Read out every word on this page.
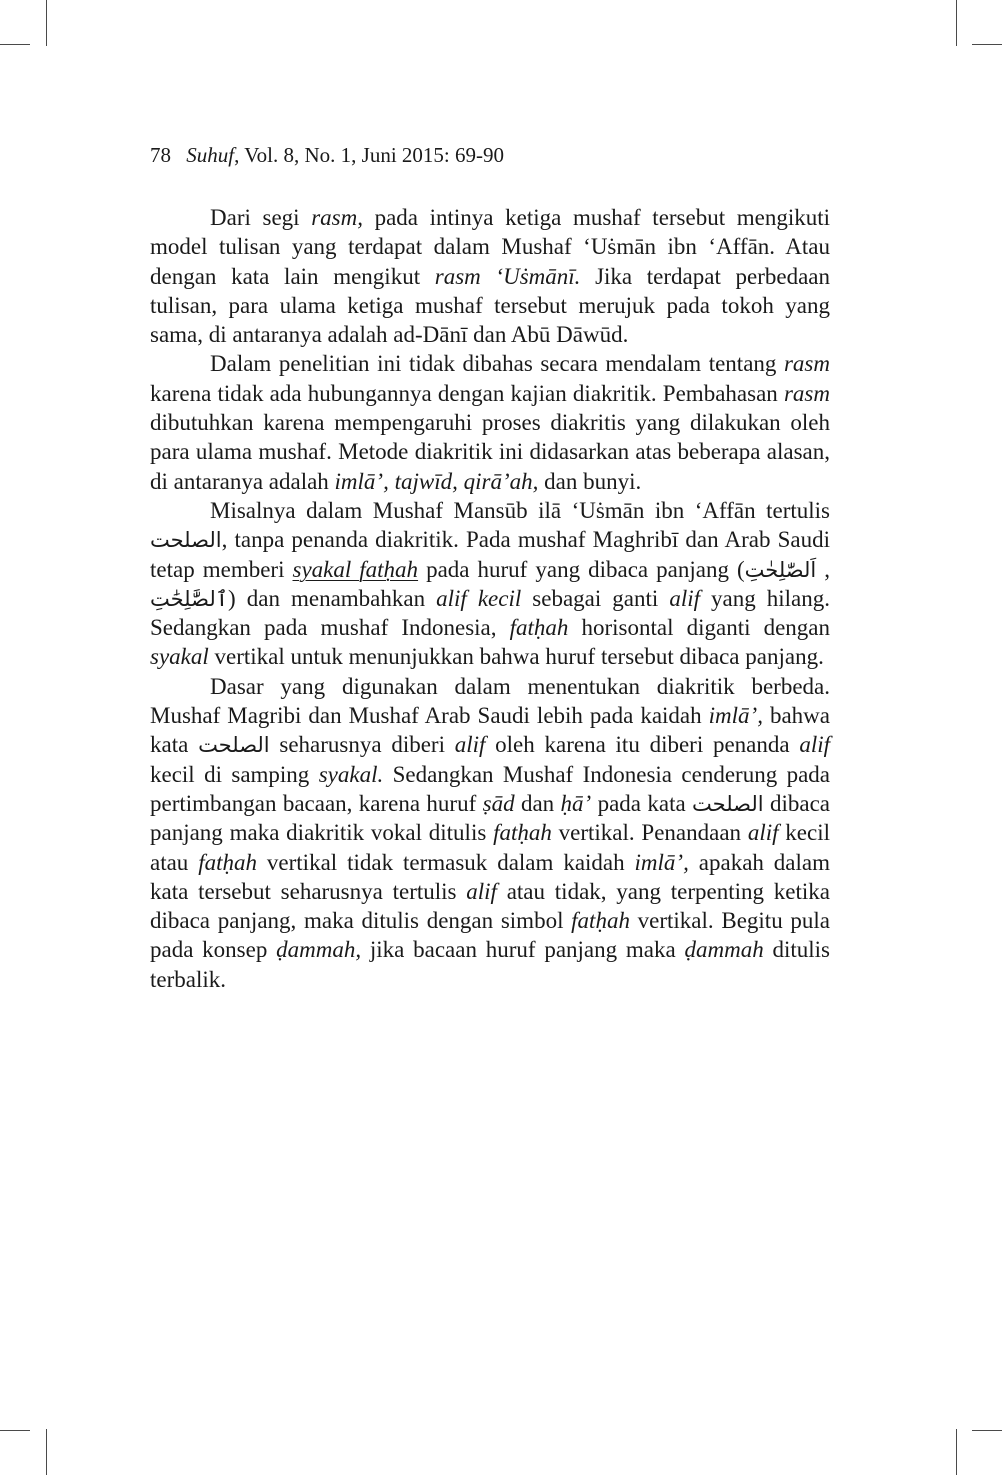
78 Suhuf, Vol. 8, No. 1, Juni 2015: 69-90

Dari segi rasm, pada intinya ketiga mushaf tersebut mengikuti model tulisan yang terdapat dalam Mushaf ‘Uṡmān ibn ‘Affān. Atau dengan kata lain mengikut rasm ‘Uṡmānī. Jika terdapat perbedaan tulisan, para ulama ketiga mushaf tersebut merujuk pada tokoh yang sama, di antaranya adalah ad-Dānī dan Abū Dāwūd.

Dalam penelitian ini tidak dibahas secara mendalam tentang rasm karena tidak ada hubungannya dengan kajian diakritik. Pembahasan rasm dibutuhkan karena mempengaruhi proses diakritis yang dilakukan oleh para ulama mushaf. Metode diakritik ini didasarkan atas beberapa alasan, di antaranya adalah imlā’, tajwīd, qirā’ah, dan bunyi.

Misalnya dalam Mushaf Mansūb ilā ‘Uṡmān ibn ‘Affān tertulis الصلحت, tanpa penanda diakritik. Pada mushaf Maghribī dan Arab Saudi tetap memberi syakal fatḥah pada huruf yang dibaca panjang (اَلصّٰلِحٰتِ , ٱلصَّٰلِحَٰتِ) dan menambahkan alif kecil sebagai ganti alif yang hilang. Sedangkan pada mushaf Indonesia, fatḥah horisontal diganti dengan syakal vertikal untuk menunjukkan bahwa huruf tersebut dibaca panjang.

Dasar yang digunakan dalam menentukan diakritik berbeda. Mushaf Magribi dan Mushaf Arab Saudi lebih pada kaidah imlā’, bahwa kata الصلحت seharusnya diberi alif oleh karena itu diberi penanda alif kecil di samping syakal. Sedangkan Mushaf Indonesia cenderung pada pertimbangan bacaan, karena huruf ṣād dan ḥā’ pada kata الصلحت dibaca panjang maka diakritik vokal ditulis fatḥah vertikal. Penandaan alif kecil atau fatḥah vertikal tidak termasuk dalam kaidah imlā’, apakah dalam kata tersebut seharusnya tertulis alif atau tidak, yang terpenting ketika dibaca panjang, maka ditulis dengan simbol fatḥah vertikal. Begitu pula pada konsep ḍammah, jika bacaan huruf panjang maka ḍammah ditulis terbalik.
